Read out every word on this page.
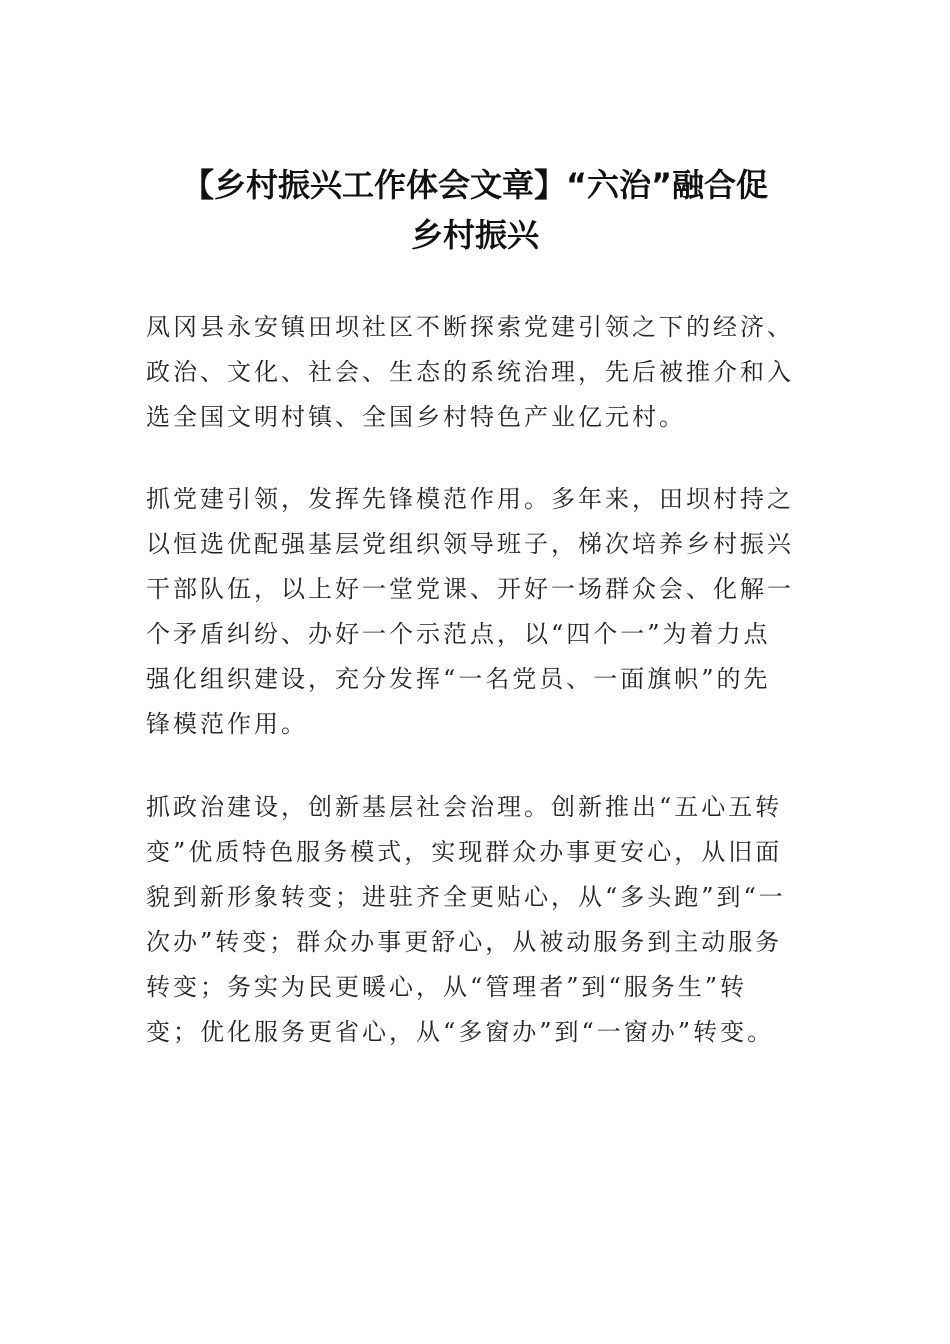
【乡村振兴工作体会文章】“六治”融合促
乡村振兴

凤冈县永安镇田坝社区不断探索党建引领之下的经济、
政治、文化、社会、生态的系统治理，先后被推介和入
选全国文明村镇、全国乡村特色产业亿元村。

抓党建引领，发挥先锋模范作用。多年来，田坝村持之
以恒选优配强基层党组织领导班子，梯次培养乡村振兴
干部队伍，以上好一堂党课、开好一场群众会、化解一
个矛盾纠纷、办好一个示范点，以“四个一”为着力点
强化组织建设，充分发挥“一名党员、一面旗帜”的先
锋模范作用。

抓政治建设，创新基层社会治理。创新推出“五心五转
变”优质特色服务模式，实现群众办事更安心，从旧面
貌到新形象转变；进驻齐全更贴心，从“多头跑”到“一
次办”转变；群众办事更舒心，从被动服务到主动服务
转变；务实为民更暖心，从“管理者”到“服务生”转
变；优化服务更省心，从“多窗办”到“一窗办”转变。
